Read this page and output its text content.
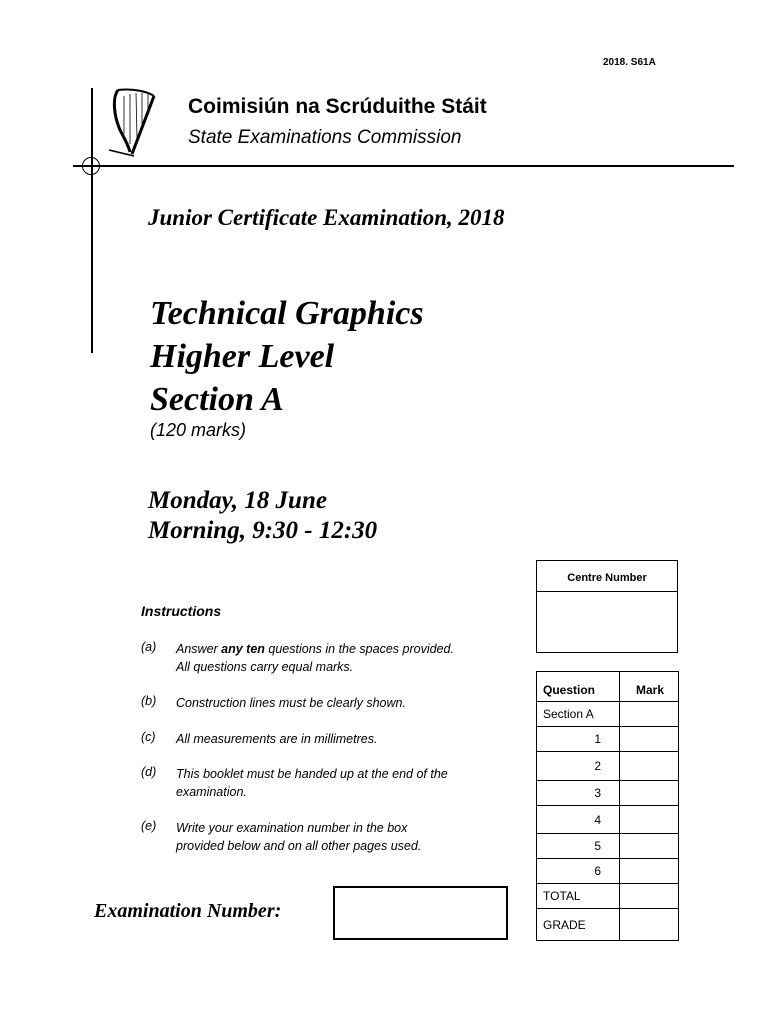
2018. S61A
Coimisiún na Scrúduithe Stáit
State Examinations Commission
Junior Certificate Examination, 2018
Technical Graphics
Higher Level
Section A
(120 marks)
Monday, 18 June
Morning, 9:30 - 12:30
Instructions
(a) Answer any ten questions in the spaces provided.
All questions carry equal marks.
(b) Construction lines must be clearly shown.
(c) All measurements are in millimetres.
(d) This booklet must be handed up at the end of the
examination.
(e) Write your examination number in the box
provided below and on all other pages used.
Examination Number:
Centre Number
Question	Mark
Section A	
1	
2	
3	
4	
5	
6	
TOTAL	
GRADE	
